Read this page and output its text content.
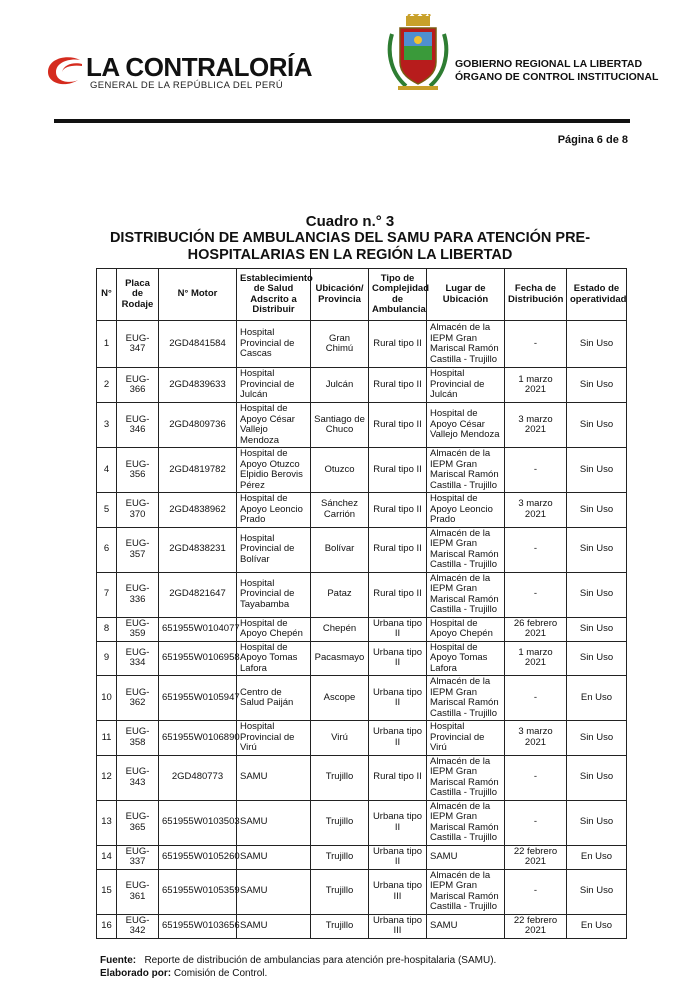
LA CONTRALORÍA
GENERAL DE LA REPÚBLICA DEL PERÚ
GOBIERNO REGIONAL LA LIBERTAD
ÓRGANO DE CONTROL INSTITUCIONAL
Página 6 de 8
Cuadro n.° 3
DISTRIBUCIÓN DE AMBULANCIAS DEL SAMU PARA ATENCIÓN PRE-
HOSPITALARIAS EN LA REGIÓN LA LIBERTAD
N°	Placa de Rodaje	N° Motor	Establecimiento de Salud Adscrito a Distribuir	Ubicación/ Provincia	Tipo de Complejidad de Ambulancia	Lugar de Ubicación	Fecha de Distribución	Estado de operatividad
1	EUG-347	2GD4841584	Hospital Provincial de Cascas	Gran Chimú	Rural tipo II	Almacén de la IEPM Gran Mariscal Ramón Castilla - Trujillo	-	Sin Uso
2	EUG-366	2GD4839633	Hospital Provincial de Julcán	Julcán	Rural tipo II	Hospital Provincial de Julcán	1 marzo 2021	Sin Uso
3	EUG-346	2GD4809736	Hospital de Apoyo César Vallejo Mendoza	Santiago de Chuco	Rural tipo II	Hospital de Apoyo César Vallejo Mendoza	3 marzo 2021	Sin Uso
4	EUG-356	2GD4819782	Hospital de Apoyo Otuzco Elpidio Berovis Pérez	Otuzco	Rural tipo II	Almacén de la IEPM Gran Mariscal Ramón Castilla - Trujillo	-	Sin Uso
5	EUG-370	2GD4838962	Hospital de Apoyo Leoncio Prado	Sánchez Carrión	Rural tipo II	Hospital de Apoyo Leoncio Prado	3 marzo 2021	Sin Uso
6	EUG-357	2GD4838231	Hospital Provincial de Bolívar	Bolívar	Rural tipo II	Almacén de la IEPM Gran Mariscal Ramón Castilla - Trujillo	-	Sin Uso
7	EUG-336	2GD4821647	Hospital Provincial de Tayabamba	Pataz	Rural tipo II	Almacén de la IEPM Gran Mariscal Ramón Castilla - Trujillo	-	Sin Uso
8	EUG-359	651955W0104077	Hospital de Apoyo Chepén	Chepén	Urbana tipo II	Hospital de Apoyo Chepén	26 febrero 2021	Sin Uso
9	EUG-334	651955W0106958	Hospital de Apoyo Tomas Lafora	Pacasmayo	Urbana tipo II	Hospital de Apoyo Tomas Lafora	1 marzo 2021	Sin Uso
10	EUG-362	651955W0105947	Centro de Salud Paiján	Ascope	Urbana tipo II	Almacén de la IEPM Gran Mariscal Ramón Castilla - Trujillo	-	En Uso
11	EUG-358	651955W0106890	Hospital Provincial de Virú	Virú	Urbana tipo II	Hospital Provincial de Virú	3 marzo 2021	Sin Uso
12	EUG-343	2GD480773	SAMU	Trujillo	Rural tipo II	Almacén de la IEPM Gran Mariscal Ramón Castilla - Trujillo	-	Sin Uso
13	EUG-365	651955W0103503	SAMU	Trujillo	Urbana tipo II	Almacén de la IEPM Gran Mariscal Ramón Castilla - Trujillo	-	Sin Uso
14	EUG-337	651955W0105260	SAMU	Trujillo	Urbana tipo II	SAMU	22 febrero 2021	En Uso
15	EUG-361	651955W0105359	SAMU	Trujillo	Urbana tipo III	Almacén de la IEPM Gran Mariscal Ramón Castilla - Trujillo	-	Sin Uso
16	EUG-342	651955W0103656	SAMU	Trujillo	Urbana tipo III	SAMU	22 febrero 2021	En Uso
Fuente: Reporte de distribución de ambulancias para atención pre-hospitalaria (SAMU).
Elaborado por: Comisión de Control.
